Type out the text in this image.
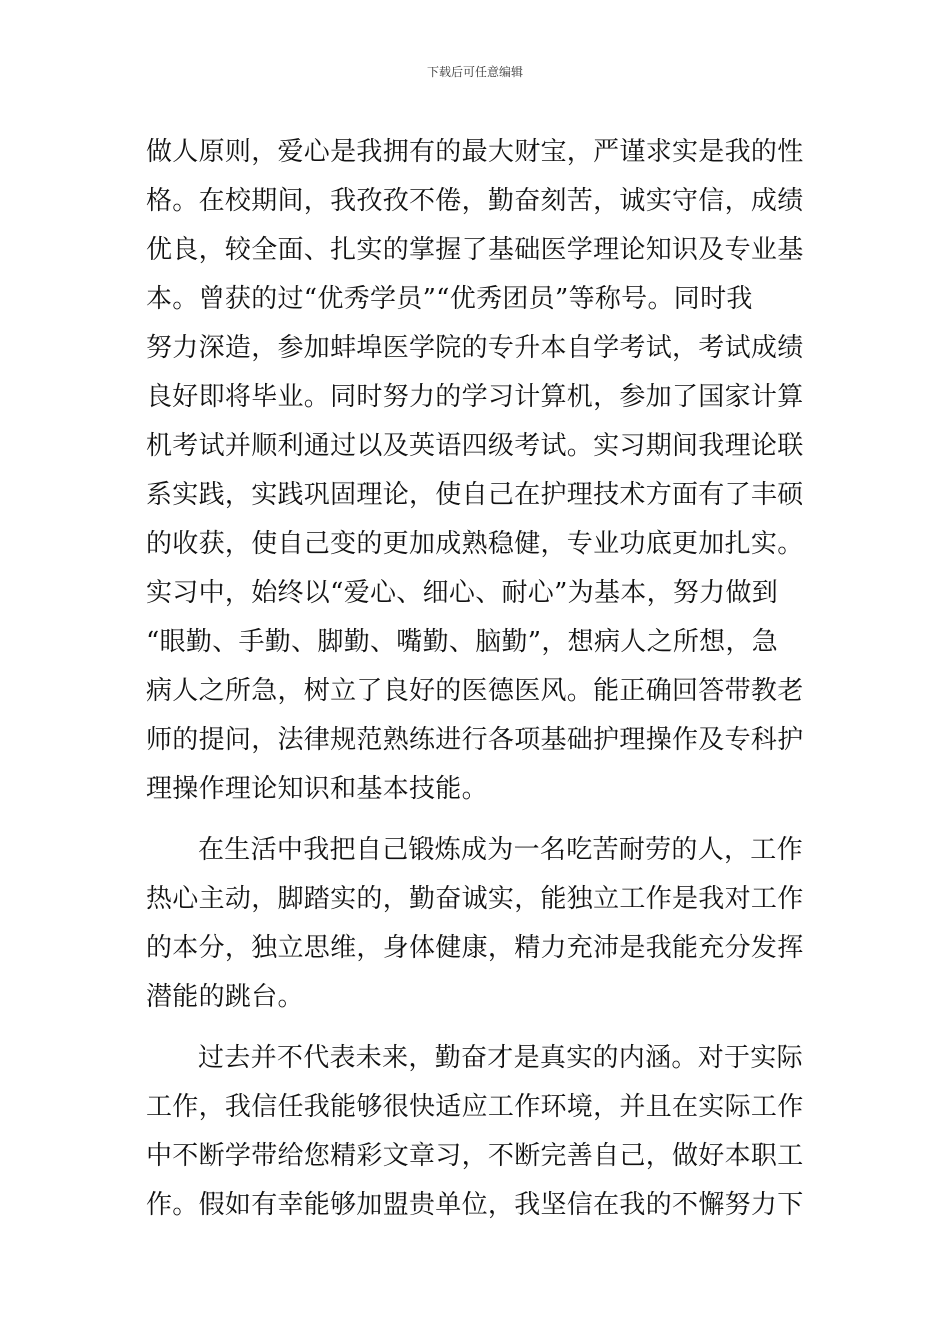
下载后可任意编辑
做人原则，爱心是我拥有的最大财宝，严谨求实是我的性
格。在校期间，我孜孜不倦，勤奋刻苦，诚实守信，成绩
优良，较全面、扎实的掌握了基础医学理论知识及专业基
本。曾获的过“优秀学员”“优秀团员”等称号。同时我
努力深造，参加蚌埠医学院的专升本自学考试，考试成绩
良好即将毕业。同时努力的学习计算机，参加了国家计算
机考试并顺利通过以及英语四级考试。实习期间我理论联
系实践，实践巩固理论，使自己在护理技术方面有了丰硕
的收获，使自己变的更加成熟稳健，专业功底更加扎实。
实习中，始终以“爱心、细心、耐心”为基本，努力做到
“眼勤、手勤、脚勤、嘴勤、脑勤”，想病人之所想，急
病人之所急，树立了良好的医德医风。能正确回答带教老
师的提问，法律规范熟练进行各项基础护理操作及专科护
理操作理论知识和基本技能。
在生活中我把自己锻炼成为一名吃苦耐劳的人，工作
热心主动，脚踏实的，勤奋诚实，能独立工作是我对工作
的本分，独立思维，身体健康，精力充沛是我能充分发挥
潜能的跳台。
过去并不代表未来，勤奋才是真实的内涵。对于实际
工作，我信任我能够很快适应工作环境，并且在实际工作
中不断学带给您精彩文章习，不断完善自己，做好本职工
作。假如有幸能够加盟贵单位，我坚信在我的不懈努力下
